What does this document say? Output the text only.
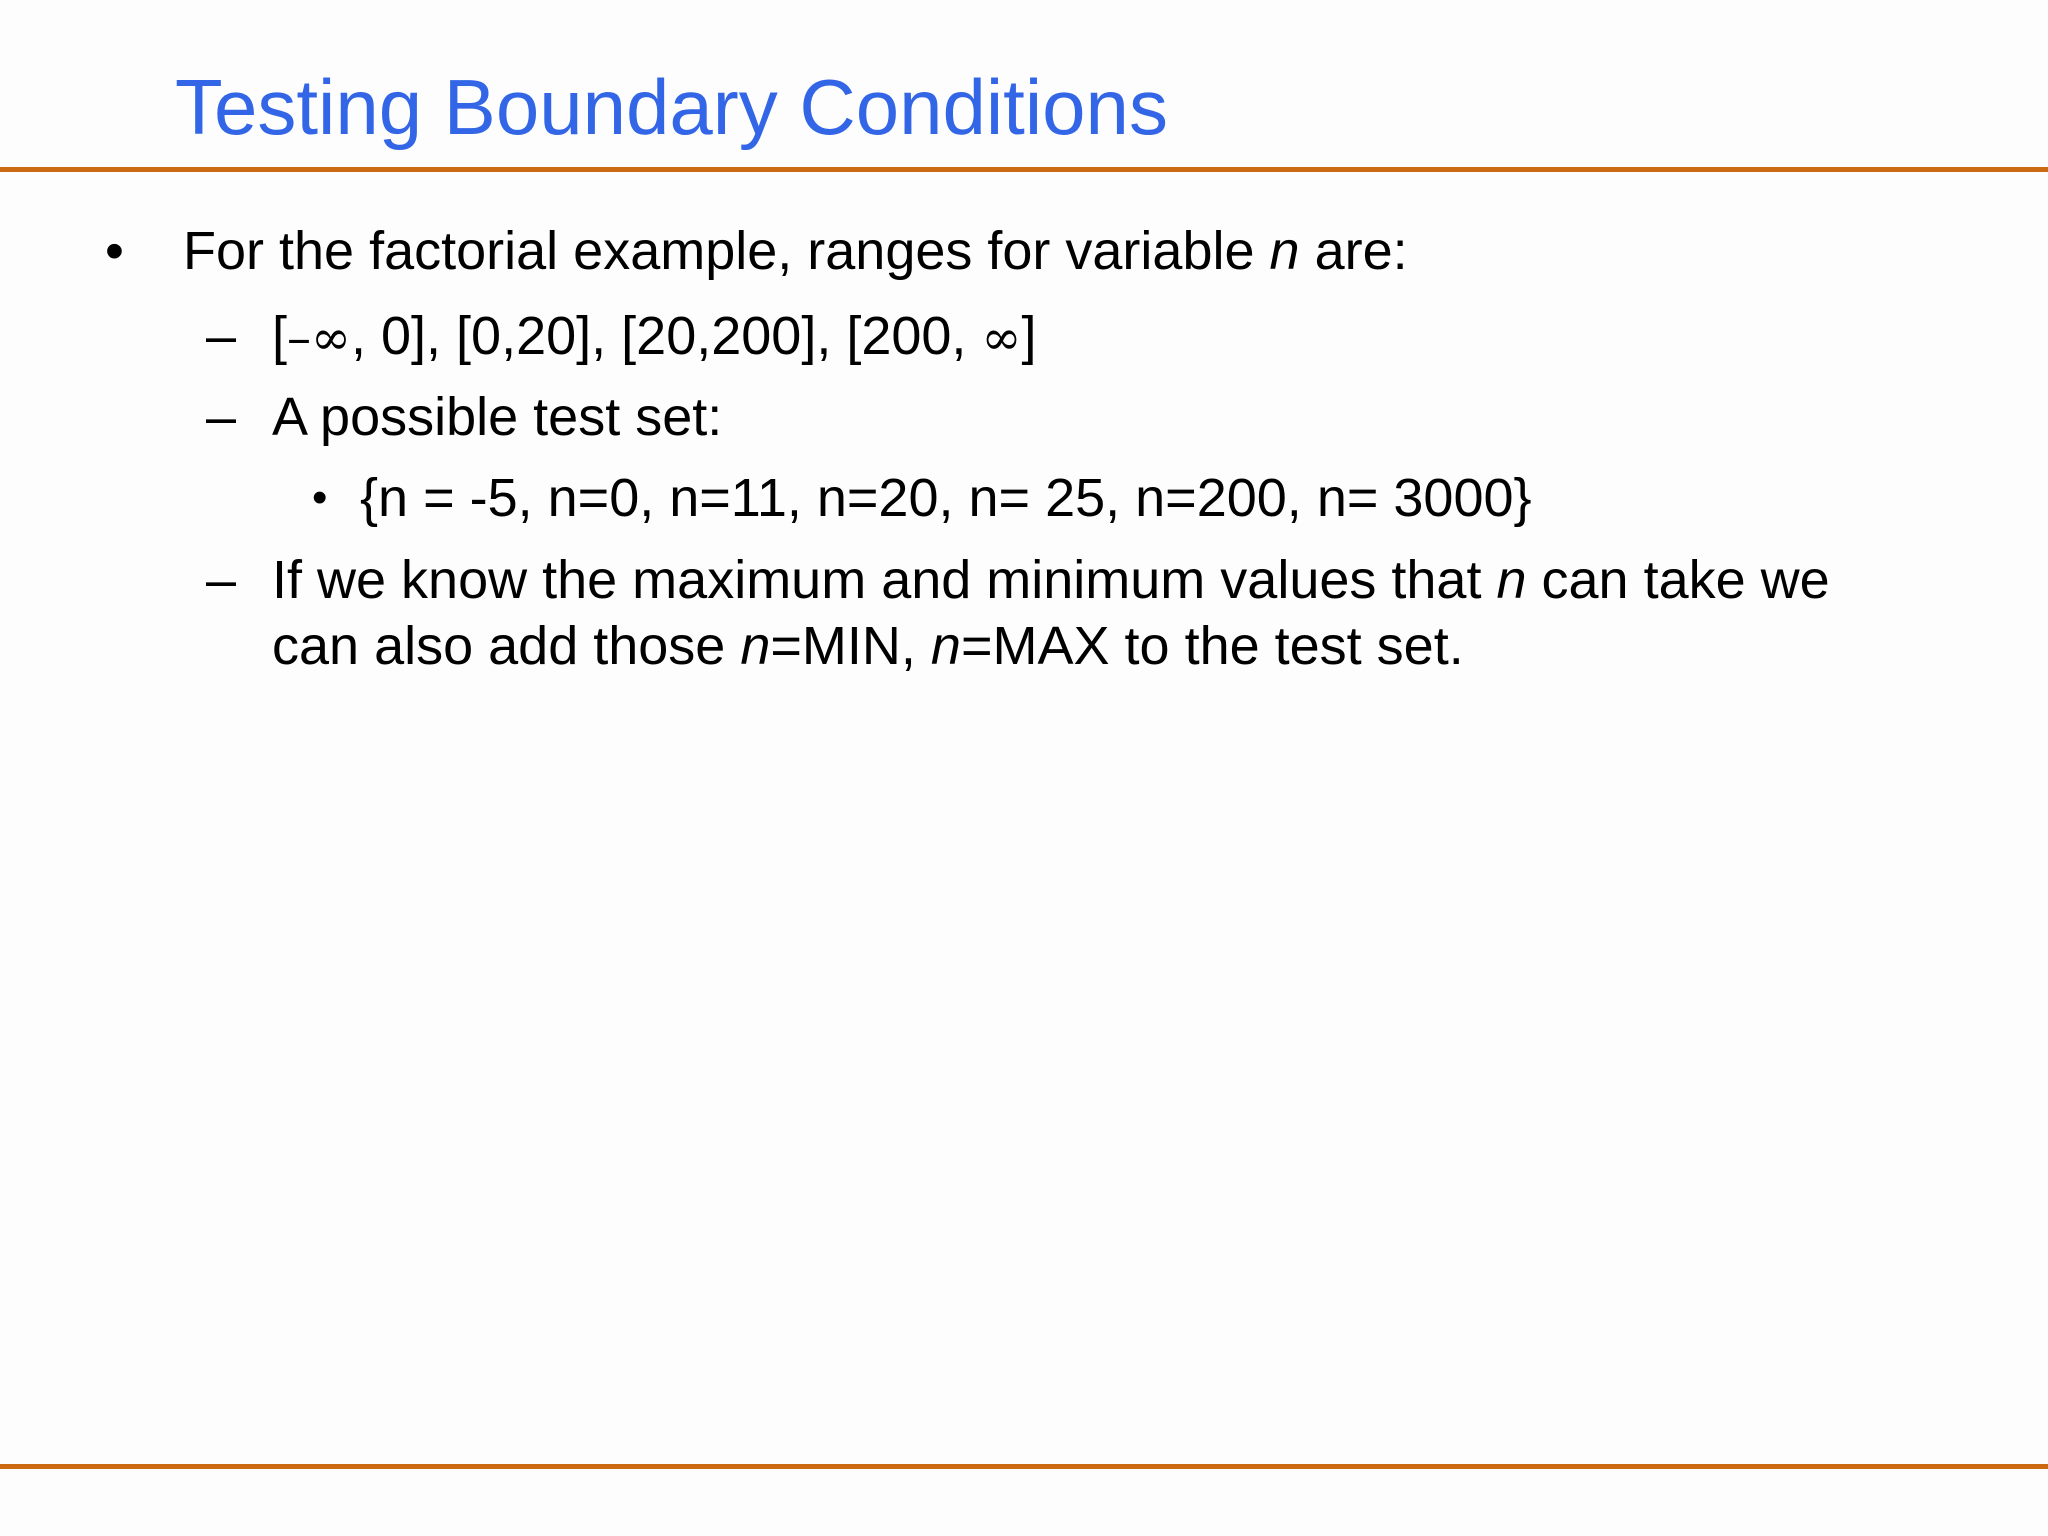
Testing Boundary Conditions
• For the factorial example, ranges for variable n are:
– [–∞, 0], [0,20], [20,200], [200, ∞]
– A possible test set:
• {n = -5, n=0, n=11, n=20, n= 25, n=200, n= 3000}
– If we know the maximum and minimum values that n can take we
can also add those n=MIN, n=MAX to the test set.
